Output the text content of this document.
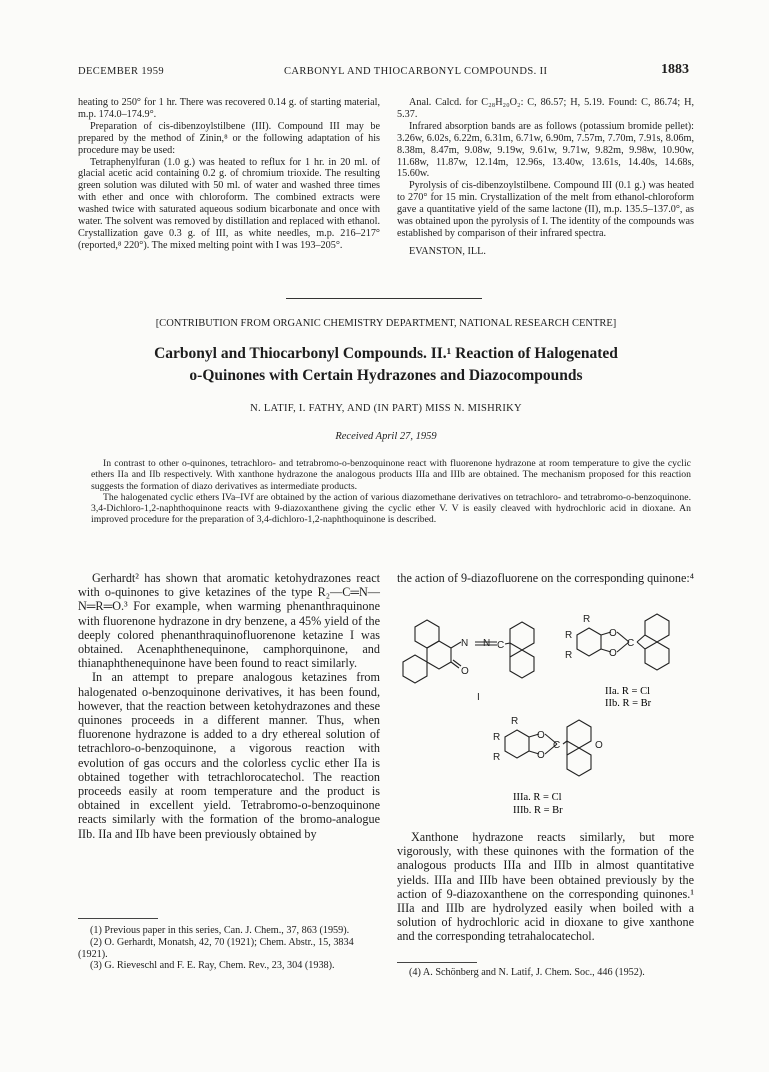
DECEMBER 1959	CARBONYL AND THIOCARBONYL COMPOUNDS. II	1883

heating to 250° for 1 hr. There was recovered 0.14 g. of starting material, m.p. 174.0–174.9°.

Preparation of cis-dibenzoylstilbene (III). Compound III may be prepared by the method of Zinin,⁸ or the following adaptation of his procedure may be used:

Tetraphenylfuran (1.0 g.) was heated to reflux for 1 hr. in 20 ml. of glacial acetic acid containing 0.2 g. of chromium trioxide. The resulting green solution was diluted with 50 ml. of water and washed three times with ether and once with chloroform. The combined extracts were washed twice with saturated aqueous sodium bicarbonate and once with water. The solvent was removed by distillation and replaced with ethanol. Crystallization gave 0.3 g. of III, as white needles, m.p. 216–217° (reported,⁸ 220°). The mixed melting point with I was 193–205°.

Anal. Calcd. for C₂₈H₂₀O₂: C, 86.57; H, 5.19. Found: C, 86.74; H, 5.37.

Infrared absorption bands are as follows (potassium bromide pellet): 3.26w, 6.02s, 6.22m, 6.31m, 6.71w, 6.90m, 7.57m, 7.70m, 7.91s, 8.06m, 8.38m, 8.47m, 9.08w, 9.19w, 9.61w, 9.71w, 9.82m, 9.98w, 10.90w, 11.68w, 11.87w, 12.14m, 12.96s, 13.40w, 13.61s, 14.40s, 14.68s, 15.60w.

Pyrolysis of cis-dibenzoylstilbene. Compound III (0.1 g.) was heated to 270° for 15 min. Crystallization of the melt from ethanol-chloroform gave a quantitative yield of the same lactone (II), m.p. 135.5–137.0°, as was obtained upon the pyrolysis of I. The identity of the compounds was established by comparison of their infrared spectra.

EVANSTON, ILL.

[CONTRIBUTION FROM ORGANIC CHEMISTRY DEPARTMENT, NATIONAL RESEARCH CENTRE]
Carbonyl and Thiocarbonyl Compounds. II.¹ Reaction of Halogenated
o-Quinones with Certain Hydrazones and Diazocompounds
N. LATIF, I. FATHY, AND (IN PART) MISS N. MISHRIKY
Received April 27, 1959

In contrast to other o-quinones, tetrachloro- and tetrabromo-o-benzoquinone react with fluorenone hydrazone at room temperature to give the cyclic ethers IIa and IIb respectively. With xanthone hydrazone the analogous products IIIa and IIIb are obtained. The mechanism proposed for this reaction suggests the formation of diazo derivatives as intermediate products.

The halogenated cyclic ethers IVa–IVf are obtained by the action of various diazomethane derivatives on tetrachloro- and tetrabromo-o-benzoquinone. 3,4-Dichloro-1,2-naphthoquinone reacts with 9-diazoxanthene giving the cyclic ether V. V is easily cleaved with hydrochloric acid in dioxane. An improved procedure for the preparation of 3,4-dichloro-1,2-naphthoquinone is described.

Gerhardt² has shown that aromatic ketohydrazones react with o-quinones to give ketazines of the type R₂—C═N—N═R═O.³ For example, when warming phenanthraquinone with fluorenone hydrazone in dry benzene, a 45% yield of the deeply colored phenanthraquinofluorenone ketazine I was obtained. Acenaphthenequinone, camphorquinone, and thianaphthenequinone have been found to react similarly.

In an attempt to prepare analogous ketazines from halogenated o-benzoquinone derivatives, it has been found, however, that the reaction between ketohydrazones and these quinones proceeds in a different manner. Thus, when fluorenone hydrazone is added to a dry ethereal solution of tetrachloro-o-benzoquinone, a vigorous reaction with evolution of gas occurs and the colorless cyclic ether IIa is obtained together with tetrachlorocatechol. The reaction proceeds easily at room temperature and the product is obtained in excellent yield. Tetrabromo-o-benzoquinone reacts similarly with the formation of the bromo-analogue IIb. IIa and IIb have been previously obtained by

(1) Previous paper in this series, Can. J. Chem., 37, 863 (1959).

(2) O. Gerhardt, Monatsh, 42, 70 (1921); Chem. Abstr., 15, 3834 (1921).

(3) G. Rieveschl and F. E. Ray, Chem. Rev., 23, 304 (1938).

the action of 9-diazofluorene on the corresponding quinone:⁴

N N C
O
I
R
R
R
O
O
C
IIa. R = Cl
IIb. R = Br
R
R
R
O
O
C	O
IIIa. R = Cl
IIIb. R = Br

Xanthone hydrazone reacts similarly, but more vigorously, with these quinones with the formation of the analogous products IIIa and IIIb in almost quantitative yields. IIIa and IIIb have been obtained previously by the action of 9-diazoxanthene on the corresponding quinones.¹ IIIa and IIIb are hydrolyzed easily when boiled with a solution of hydrochloric acid in dioxane to give xanthone and the corresponding tetrahalocatechol.

(4) A. Schönberg and N. Latif, J. Chem. Soc., 446 (1952).
